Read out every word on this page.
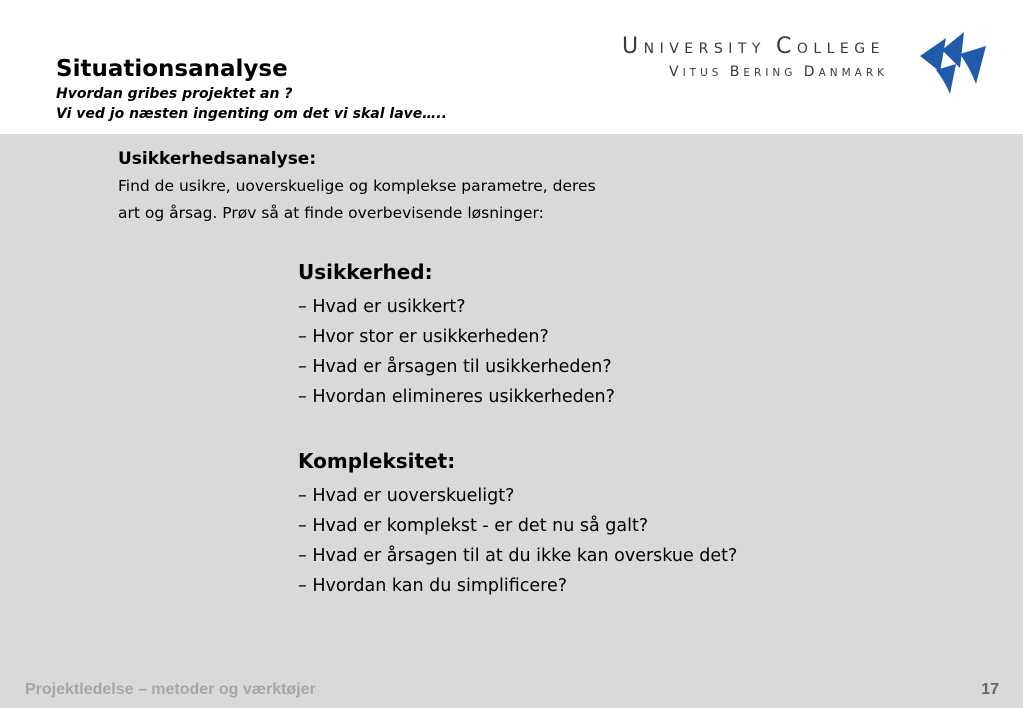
Situationsanalyse

Hvordan gribes projektet an ?

Vi ved jo næsten ingenting om det vi skal lave…..

UNIVERSITY COLLEGE
VITUS BERING DANMARK

Usikkerhedsanalyse:

Find de usikre, uoverskuelige og komplekse parametre, deres

art og årsag. Prøv så at finde overbevisende løsninger:

Usikkerhed:
– Hvad er usikkert?
– Hvor stor er usikkerheden?
– Hvad er årsagen til usikkerheden?
– Hvordan elimineres usikkerheden?
Kompleksitet:
– Hvad er uoverskueligt?
– Hvad er komplekst - er det nu så galt?
– Hvad er årsagen til at du ikke kan overskue det?
– Hvordan kan du simplificere?
Projektledelse – metoder og værktøjer	17
